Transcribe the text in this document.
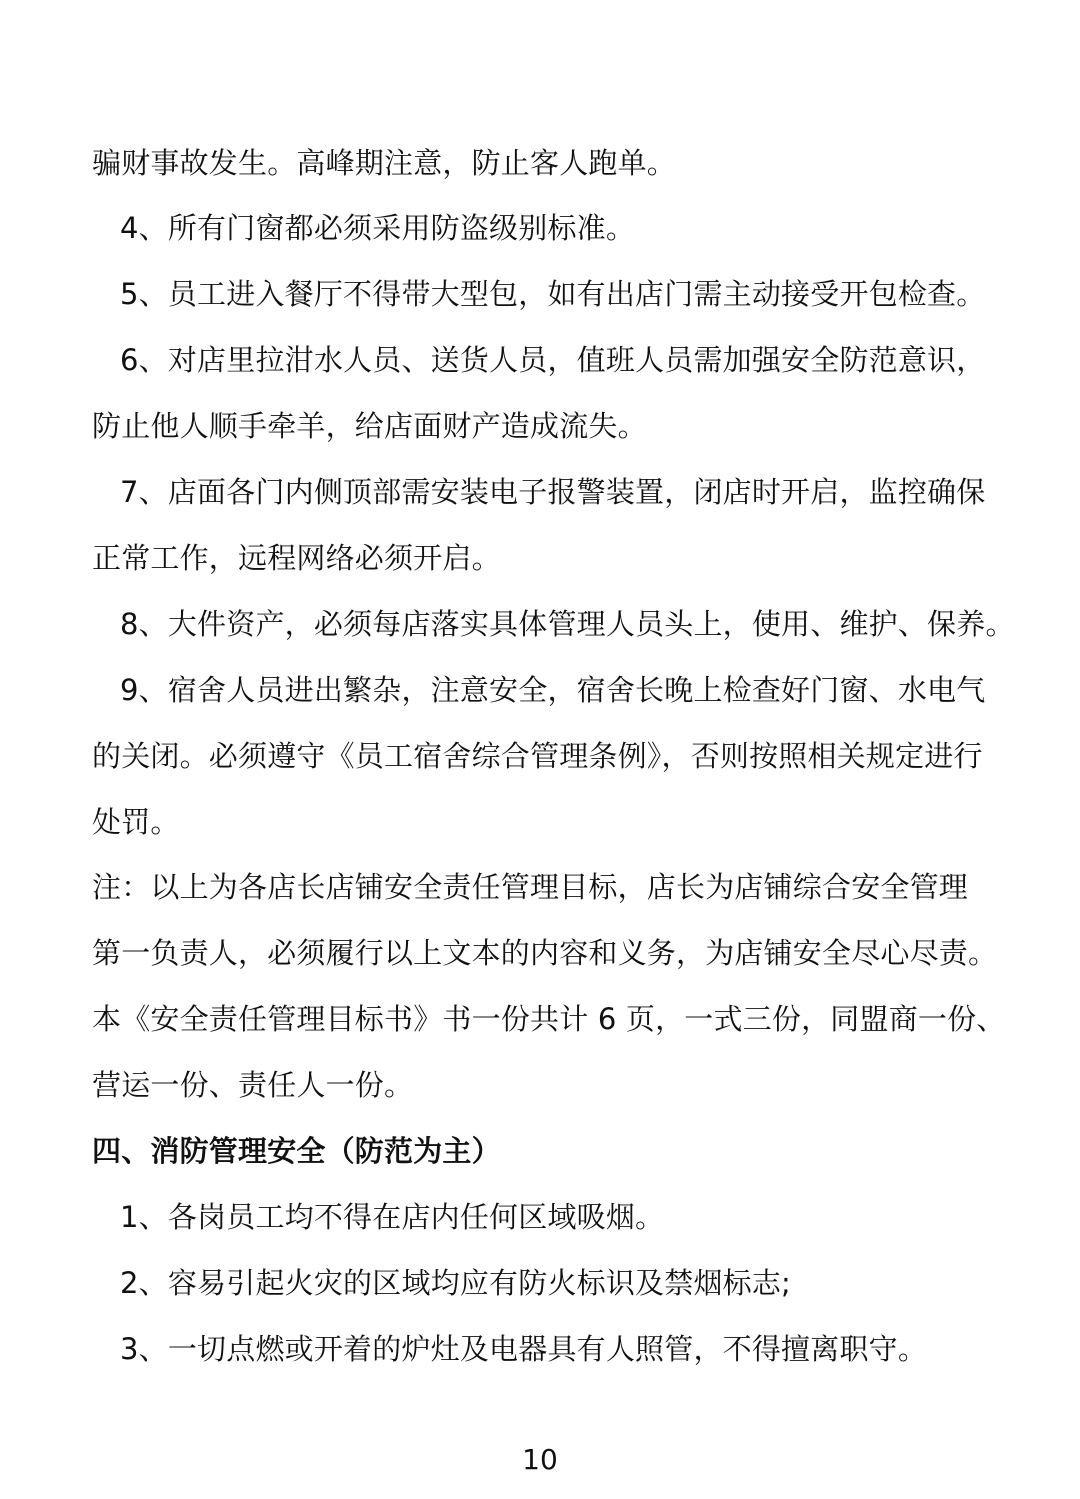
骗财事故发生。高峰期注意，防止客人跑单。
4、所有门窗都必须采用防盗级别标准。
5、员工进入餐厅不得带大型包，如有出店门需主动接受开包检查。
6、对店里拉泔水人员、送货人员，值班人员需加强安全防范意识，
防止他人顺手牵羊，给店面财产造成流失。
7、店面各门内侧顶部需安装电子报警装置，闭店时开启，监控确保
正常工作，远程网络必须开启。
8、大件资产，必须每店落实具体管理人员头上，使用、维护、保养。
9、宿舍人员进出繁杂，注意安全，宿舍长晚上检查好门窗、水电气
的关闭。必须遵守《员工宿舍综合管理条例》，否则按照相关规定进行
处罚。
注：以上为各店长店铺安全责任管理目标，店长为店铺综合安全管理
第一负责人，必须履行以上文本的内容和义务，为店铺安全尽心尽责。
本《安全责任管理目标书》书一份共计 6 页，一式三份，同盟商一份、
营运一份、责任人一份。
四、消防管理安全（防范为主）
1、各岗员工均不得在店内任何区域吸烟。
2、容易引起火灾的区域均应有防火标识及禁烟标志;
3、一切点燃或开着的炉灶及电器具有人照管，不得擅离职守。
10
